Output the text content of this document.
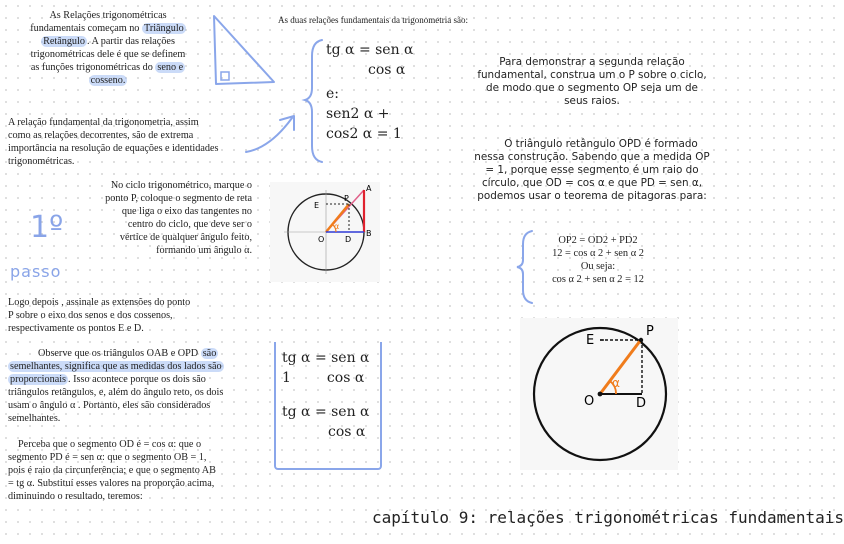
As Relações trigonométricas
fundamentais começam no Triângulo
Retângulo . A partir das relações
trigonométricas dele é que se definem
as funções trigonométricas do seno e
cosseno.
A relação fundamental da trigonometria, assim
como as relações decorrentes, são de extrema
importância na resolução de equações e identidades
trigonométricas.
No ciclo trigonométrico, marque o
ponto P, coloque o segmento de reta
que liga o eixo das tangentes no
centro do ciclo, que deve ser o
vértice de qualquer ângulo feito,
formando um ângulo α.
1º
passo
Logo depois , assinale as extensões do ponto
P sobre o eixo dos senos e dos cossenos,
respectivamente os pontos E e D.
Observe que os triângulos OAB e OPD são
semelhantes, significa que as medidas dos lados são
proporcionais . Isso acontece porque os dois são
triângulos retângulos, e, além do ângulo reto, os dois
usam o ângulo α . Portanto, eles são considerados
semelhantes.
Perceba que o segmento OD é = cos α: que o
segmento PD é = sen α: que o segmento OB = 1,
pois é raio da circunferência; e que o segmento AB
= tg α. Substituí esses valores na proporção acima,
diminuindo o resultado, teremos:
As duas relações fundamentais da trigonometria são:
tg α = sen α
cos α
e:
sen2 α +
cos2 α = 1
A
P
E
O	D
B
α
tg α = sen α
1	cos α
tg α = sen α
cos α
Para demonstrar a segunda relação
fundamental, construa um o P sobre o ciclo,
de modo que o segmento OP seja um de
seus raios.
O triângulo retângulo OPD é formado
nessa construção. Sabendo que a medida OP
= 1, porque esse segmento é um raio do
círculo, que OD = cos α e que PD = sen α,
podemos usar o teorema de pitagoras para:
OP2 = OD2 + PD2
12 = cos α 2 + sen α 2
Ou seja:
cos α 2 + sen α 2 = 12
E
P
O	D
α
capítulo 9: relações trigonométricas fundamentais
